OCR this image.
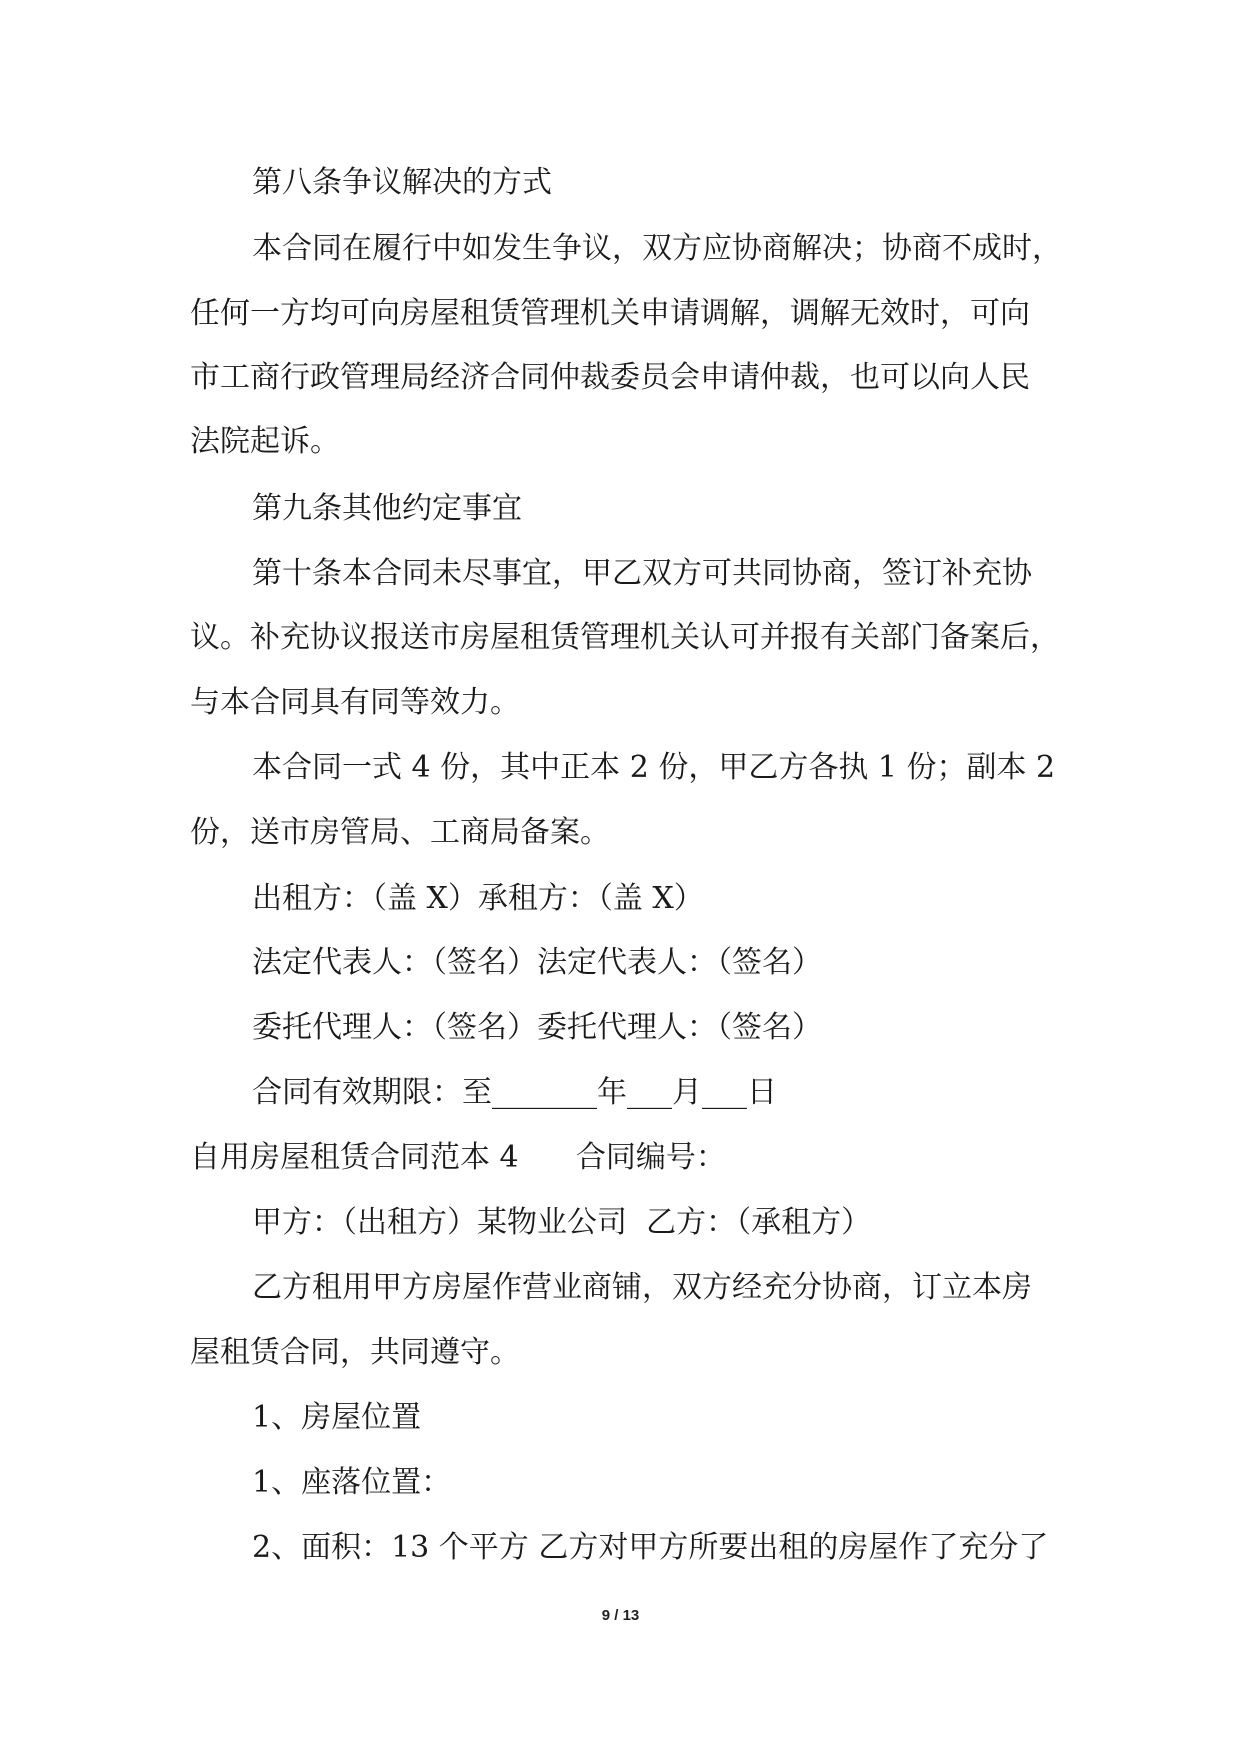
第八条争议解决的方式
本合同在履行中如发生争议，双方应协商解决；协商不成时，
任何一方均可向房屋租赁管理机关申请调解，调解无效时，可向
市工商行政管理局经济合同仲裁委员会申请仲裁，也可以向人民
法院起诉。
第九条其他约定事宜
第十条本合同未尽事宜，甲乙双方可共同协商，签订补充协
议。补充协议报送市房屋租赁管理机关认可并报有关部门备案后，
与本合同具有同等效力。
本合同一式 4 份，其中正本 2 份，甲乙方各执 1 份；副本 2
份，送市房管局、工商局备案。
出租方：（盖 X）承租方：（盖 X）
法定代表人：（签名）法定代表人：（签名）
委托代理人：（签名）委托代理人：（签名）
合同有效期限：至_______年___月___日
自用房屋租赁合同范本 4      合同编号：
甲方：（出租方）某物业公司  乙方：（承租方）
乙方租用甲方房屋作营业商铺，双方经充分协商，订立本房
屋租赁合同，共同遵守。
1、房屋位置
1、座落位置：
2、面积：13 个平方 乙方对甲方所要出租的房屋作了充分了
9 / 13
